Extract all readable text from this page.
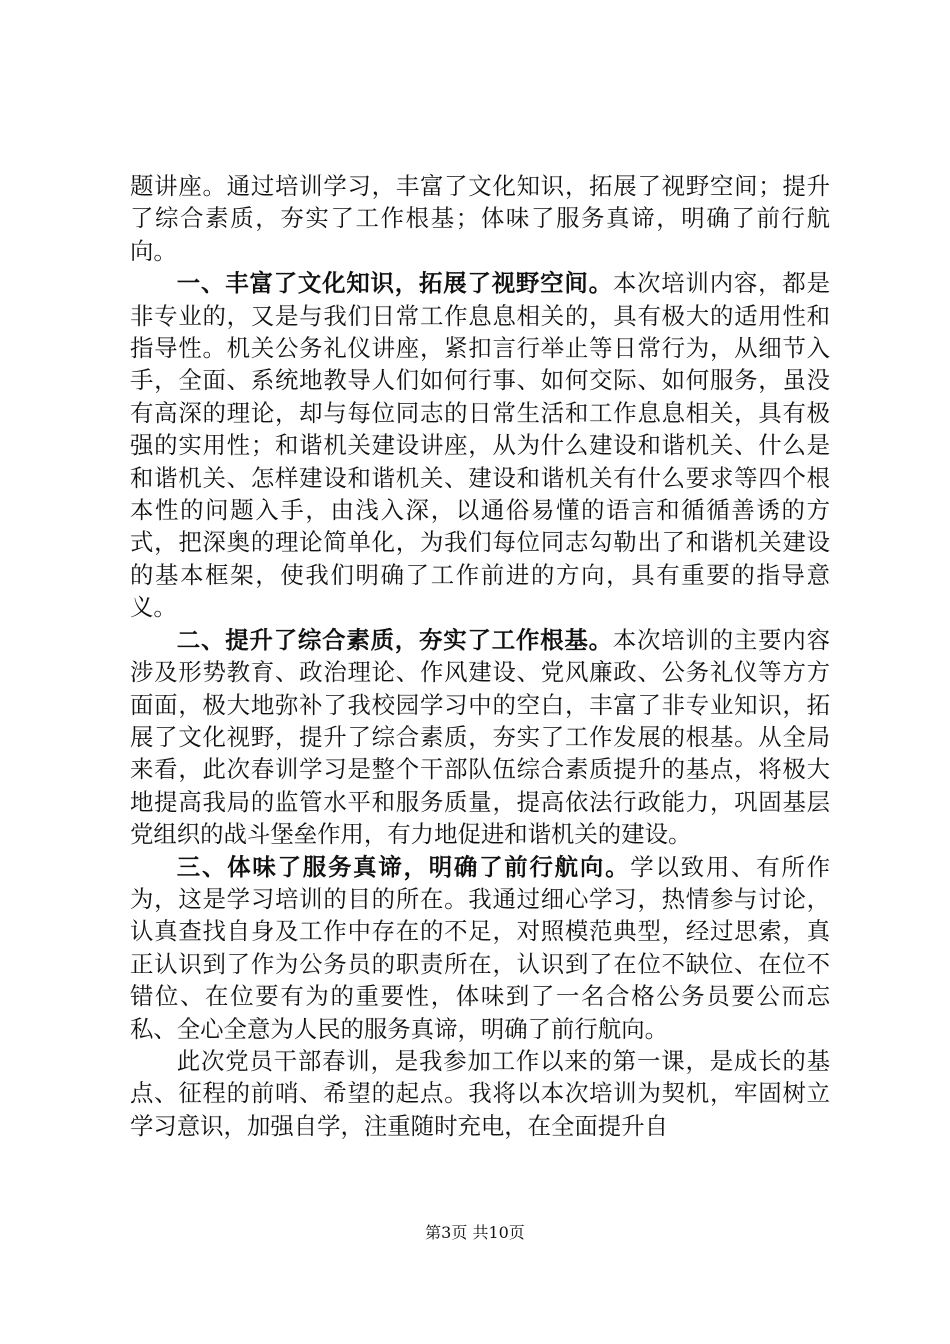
题讲座。通过培训学习，丰富了文化知识，拓展了视野空间；提升了综合素质，夯实了工作根基；体味了服务真谛，明确了前行航向。

一、丰富了文化知识，拓展了视野空间。本次培训内容，都是非专业的，又是与我们日常工作息息相关的，具有极大的适用性和指导性。机关公务礼仪讲座，紧扣言行举止等日常行为，从细节入手，全面、系统地教导人们如何行事、如何交际、如何服务，虽没有高深的理论，却与每位同志的日常生活和工作息息相关，具有极强的实用性；和谐机关建设讲座，从为什么建设和谐机关、什么是和谐机关、怎样建设和谐机关、建设和谐机关有什么要求等四个根本性的问题入手，由浅入深，以通俗易懂的语言和循循善诱的方式，把深奥的理论简单化，为我们每位同志勾勒出了和谐机关建设的基本框架，使我们明确了工作前进的方向，具有重要的指导意义。

二、提升了综合素质，夯实了工作根基。本次培训的主要内容涉及形势教育、政治理论、作风建设、党风廉政、公务礼仪等方方面面，极大地弥补了我校园学习中的空白，丰富了非专业知识，拓展了文化视野，提升了综合素质，夯实了工作发展的根基。从全局来看，此次春训学习是整个干部队伍综合素质提升的基点，将极大地提高我局的监管水平和服务质量，提高依法行政能力，巩固基层党组织的战斗堡垒作用，有力地促进和谐机关的建设。

三、体味了服务真谛，明确了前行航向。学以致用、有所作为，这是学习培训的目的所在。我通过细心学习，热情参与讨论，认真查找自身及工作中存在的不足，对照模范典型，经过思索，真正认识到了作为公务员的职责所在，认识到了在位不缺位、在位不错位、在位要有为的重要性，体味到了一名合格公务员要公而忘私、全心全意为人民的服务真谛，明确了前行航向。

此次党员干部春训，是我参加工作以来的第一课，是成长的基点、征程的前哨、希望的起点。我将以本次培训为契机，牢固树立学习意识，加强自学，注重随时充电，在全面提升自

第3页 共10页
